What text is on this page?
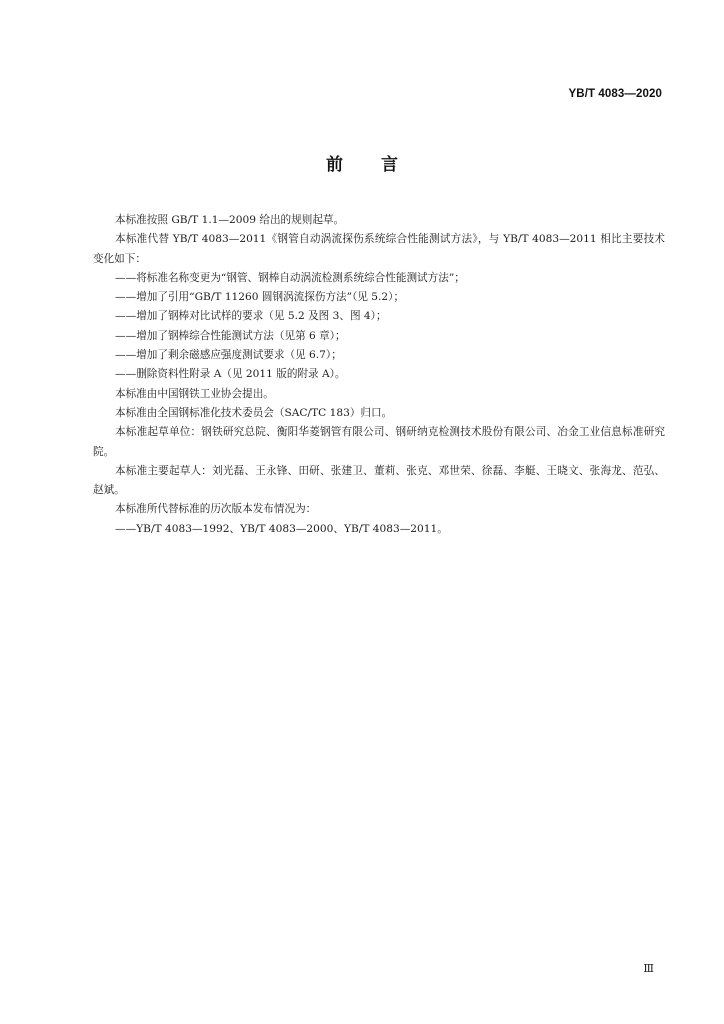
YB/T 4083—2020
前言

本标准按照 GB/T 1.1—2009 给出的规则起草。

本标准代替 YB/T 4083—2011《钢管自动涡流探伤系统综合性能测试方法》，与 YB/T 4083—2011 相比主要技术变化如下：

——将标准名称变更为“钢管、钢棒自动涡流检测系统综合性能测试方法”；

——增加了引用“GB/T 11260 圆钢涡流探伤方法”（见 5.2）；

——增加了钢棒对比试样的要求（见 5.2 及图 3、图 4）；

——增加了钢棒综合性能测试方法（见第 6 章）；

——增加了剩余磁感应强度测试要求（见 6.7）；

——删除资料性附录 A（见 2011 版的附录 A）。

本标准由中国钢铁工业协会提出。

本标准由全国钢标准化技术委员会（SAC/TC 183）归口。

本标准起草单位：钢铁研究总院、衡阳华菱钢管有限公司、钢研纳克检测技术股份有限公司、冶金工业信息标准研究院。

本标准主要起草人：刘光磊、王永锋、田研、张建卫、董莉、张克、邓世荣、徐磊、李艇、王晓文、张海龙、范弘、赵斌。

本标准所代替标准的历次版本发布情况为：

——YB/T 4083—1992、YB/T 4083—2000、YB/T 4083—2011。

Ⅲ
